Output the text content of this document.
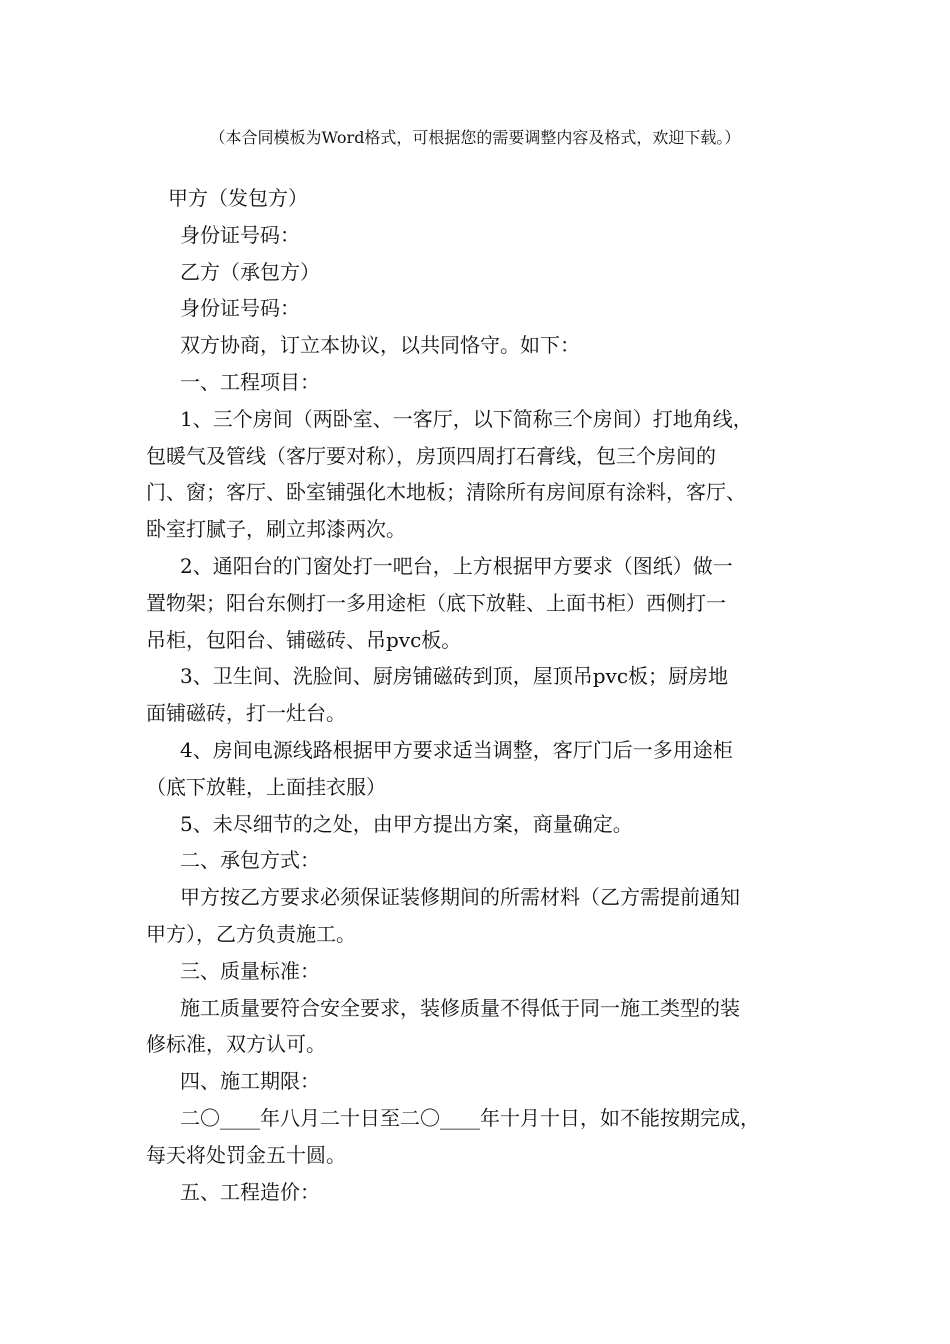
（本合同模板为Word格式，可根据您的需要调整内容及格式，欢迎下载。）
甲方（发包方）
身份证号码：
乙方（承包方）
身份证号码：
双方协商，订立本协议，以共同恪守。如下：
一、工程项目：
1、三个房间（两卧室、一客厅，以下简称三个房间）打地角线，
包暖气及管线（客厅要对称），房顶四周打石膏线，包三个房间的
门、窗；客厅、卧室铺强化木地板；清除所有房间原有涂料，客厅、
卧室打腻子，刷立邦漆两次。
2、通阳台的门窗处打一吧台，上方根据甲方要求（图纸）做一
置物架；阳台东侧打一多用途柜（底下放鞋、上面书柜）西侧打一
吊柜，包阳台、铺磁砖、吊pvc板。
3、卫生间、洗脸间、厨房铺磁砖到顶，屋顶吊pvc板；厨房地
面铺磁砖，打一灶台。
4、房间电源线路根据甲方要求适当调整，客厅门后一多用途柜
（底下放鞋，上面挂衣服）
5、未尽细节的之处，由甲方提出方案，商量确定。
二、承包方式：
甲方按乙方要求必须保证装修期间的所需材料（乙方需提前通知
甲方），乙方负责施工。
三、质量标准：
施工质量要符合安全要求，装修质量不得低于同一施工类型的装
修标准，双方认可。
四、施工期限：
二〇____年八月二十日至二〇____年十月十日，如不能按期完成，
每天将处罚金五十圆。
五、工程造价：
